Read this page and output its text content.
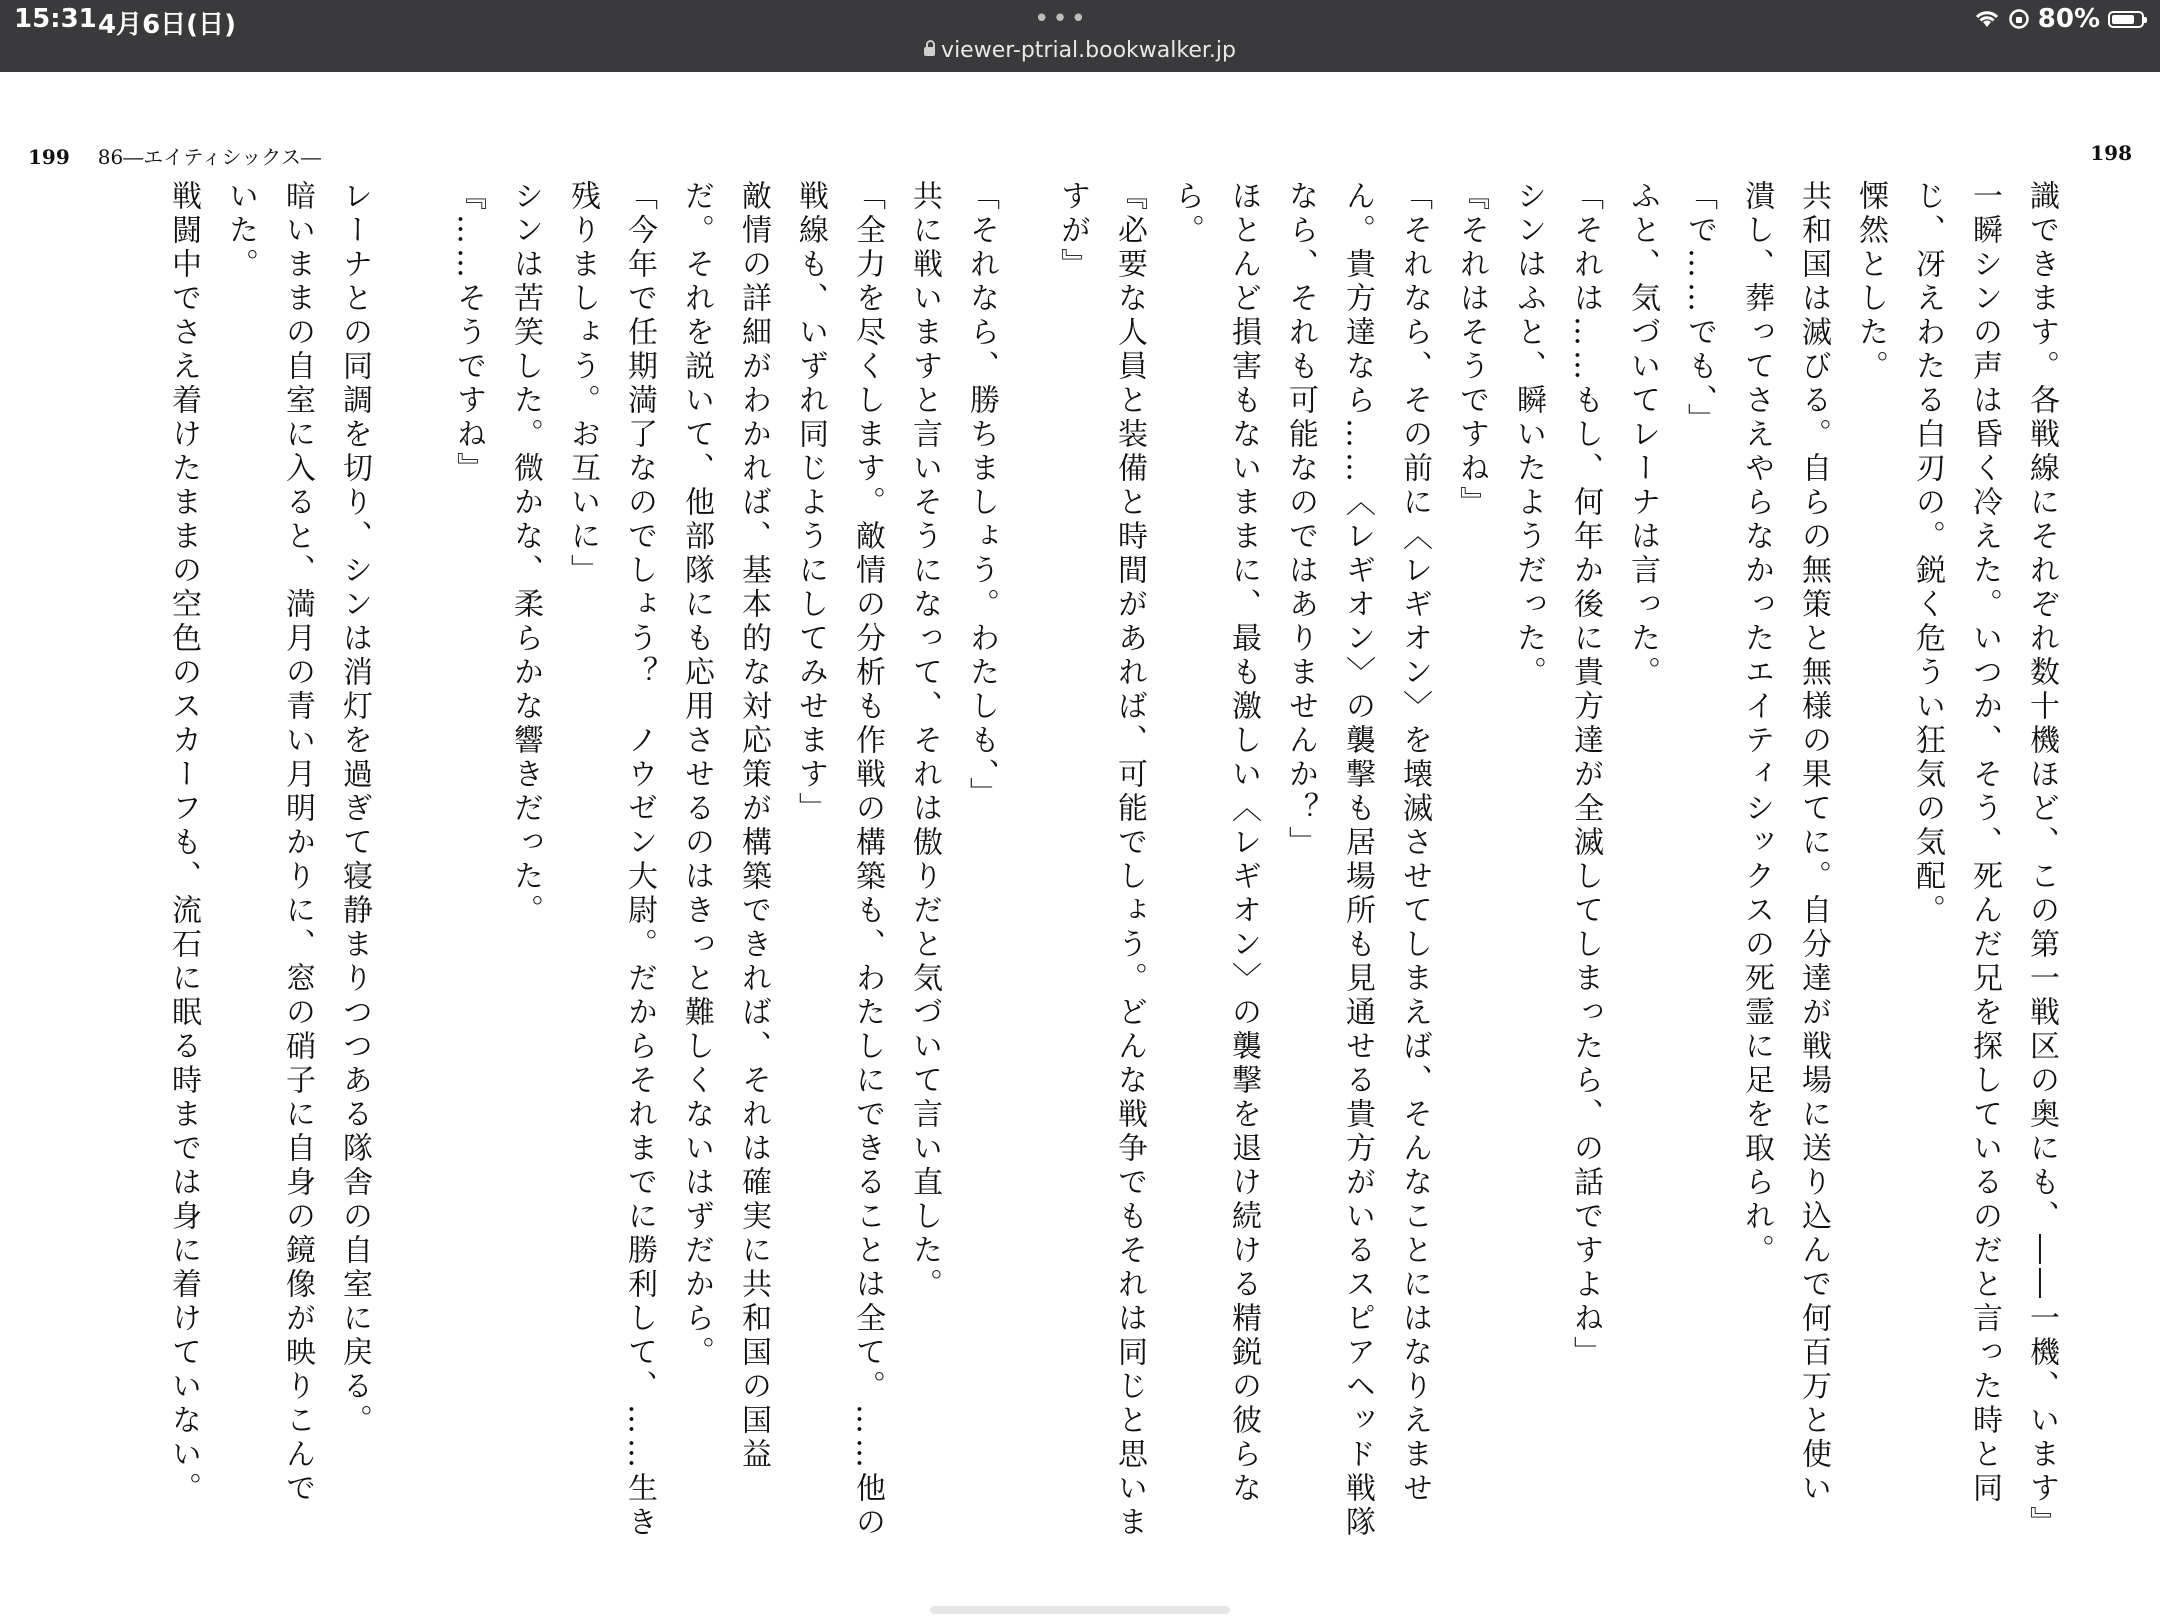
15:31 4月6日(日)	•••
viewer-ptrial.bookwalker.jp
80%
199 86―エイティシックス―	198

識できます。各戦線にそれぞれ数十機ほど、この第一戦区の奥にも、――一機、います』

一瞬シンの声は昏く冷えた。いつか、そう、死んだ兄を探しているのだと言った時と同

じ、冴えわたる白刃の。鋭く危うい狂気の気配。

慄然とした。

共和国は滅びる。自らの無策と無様の果てに。自分達が戦場に送り込んで何百万と使い

潰し、葬ってさえやらなかったエイティシックスの死霊に足を取られ。

「で……でも、」

ふと、気づいてレーナは言った。

「それは……もし、何年か後に貴方達が全滅してしまったら、の話ですよね」

シンはふと、瞬いたようだった。

『それはそうですね』

「それなら、その前に〈レギオン〉を壊滅させてしまえば、そんなことにはなりえませ

ん。貴方達なら……〈レギオン〉の襲撃も居場所も見通せる貴方がいるスピアヘッド戦隊

なら、それも可能なのではありませんか？」

ほとんど損害もないままに、最も激しい〈レギオン〉の襲撃を退け続ける精鋭の彼らな

ら。

『必要な人員と装備と時間があれば、可能でしょう。どんな戦争でもそれは同じと思いま

すが』

「それなら、勝ちましょう。わたしも、」

共に戦いますと言いそうになって、それは傲りだと気づいて言い直した。

「全力を尽くします。敵情の分析も作戦の構築も、わたしにできることは全て。……他の

戦線も、いずれ同じようにしてみせます」

敵情の詳細がわかれば、基本的な対応策が構築できれば、それは確実に共和国の国益

だ。それを説いて、他部隊にも応用させるのはきっと難しくないはずだから。

「今年で任期満了なのでしょう？　ノウゼン大尉。だからそれまでに勝利して、……生き

残りましょう。お互いに」

シンは苦笑した。微かな、柔らかな響きだった。

『……そうですね』

レーナとの同調を切り、シンは消灯を過ぎて寝静まりつつある隊舎の自室に戻る。

暗いままの自室に入ると、満月の青い月明かりに、窓の硝子に自身の鏡像が映りこんで

いた。

戦闘中でさえ着けたままの空色のスカーフも、流石に眠る時までは身に着けていない。
